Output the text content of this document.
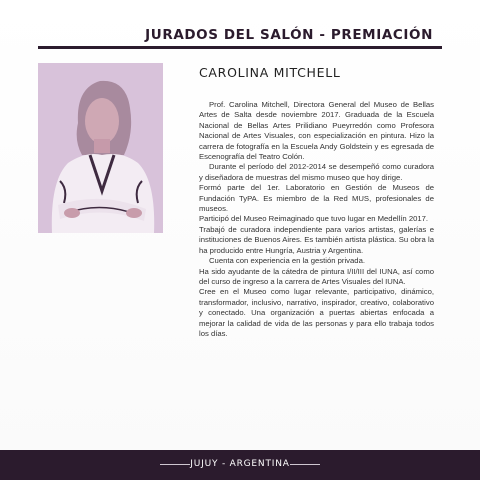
JURADOS DEL SALÓN - PREMIACIÓN
CAROLINA MITCHELL

Prof. Carolina Mitchell, Directora General del Museo de Bellas Artes de Salta desde noviembre 2017. Graduada de la Escuela Nacional de Bellas Artes Prilidiano Pueyrredón como Profesora Nacional de Artes Visuales, con especialización en pintura. Hizo la carrera de fotografía en la Escuela Andy Goldstein y es egresada de Escenografía del Teatro Colón.

Durante el período del 2012-2014 se desempeñó como curadora y diseñadora de muestras del mismo museo que hoy dirige.

Formó parte del 1er. Laboratorio en Gestión de Museos de Fundación TyPA. Es miembro de la Red MUS, profesionales de museos.

Participó del Museo Reimaginado que tuvo lugar en Medellín 2017.

Trabajó de curadora independiente para varios artistas, galerías e instituciones de Buenos Aires. Es también artista plástica. Su obra la ha producido entre Hungría, Austria y Argentina.

Cuenta con experiencia en la gestión privada.

Ha sido ayudante de la cátedra de pintura I/II/III del IUNA, así como del curso de ingreso a la carrera de Artes Visuales del IUNA.

Cree en el Museo como lugar relevante, participativo, dinámico, transformador, inclusivo, narrativo, inspirador, creativo, colaborativo y conectado. Una organización a puertas abiertas enfocada a mejorar la calidad de vida de las personas y para ello trabaja todos los días.

JUJUY - ARGENTINA
